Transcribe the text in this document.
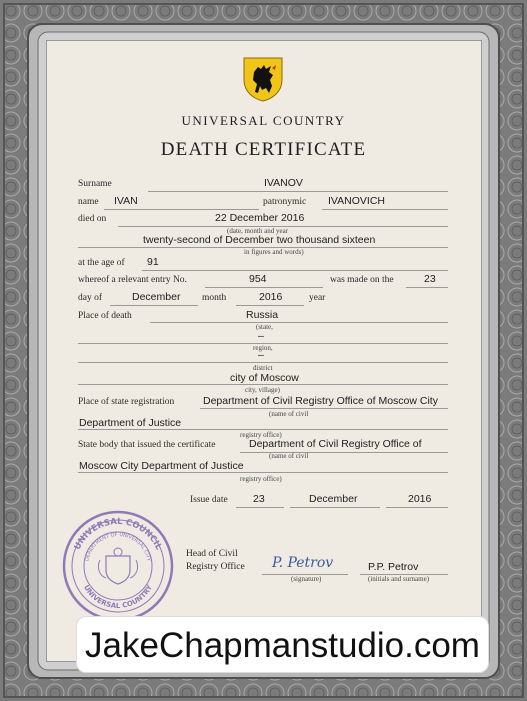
UNIVERSAL COUNTRY
DEATH CERTIFICATE
Surname	IVANOV
name IVAN	patronymic IVANOVICH
died on	22 December 2016
(date, month and year
twenty-second of December two thousand sixteen
in figures and words)
at the age of 91
whereof a relevant entry No.	954	was made on the	23
day of	December month	2016	year
Place of death	Russia
(state,
–
region,
–
district
city of Moscow
city, village)
Place of state registration	Department of Civil Registry Office of Moscow City
(name of civil
Department of Justice
registry office)
State body that issued the certificate	Department of Civil Registry Office of
(name of civil
Moscow City Department of Justice
registry office)
Issue date 23	December	2016
UNIVERSAL COUNCIL
DEPARTMENT OF UNIVERSAL CITY
UNIVERSAL COUNTRY
Head of Civil
Registry Office P. Petrov
(signature)
P.P. Petrov
(initials and surname)
JakeChapmanstudio.com
